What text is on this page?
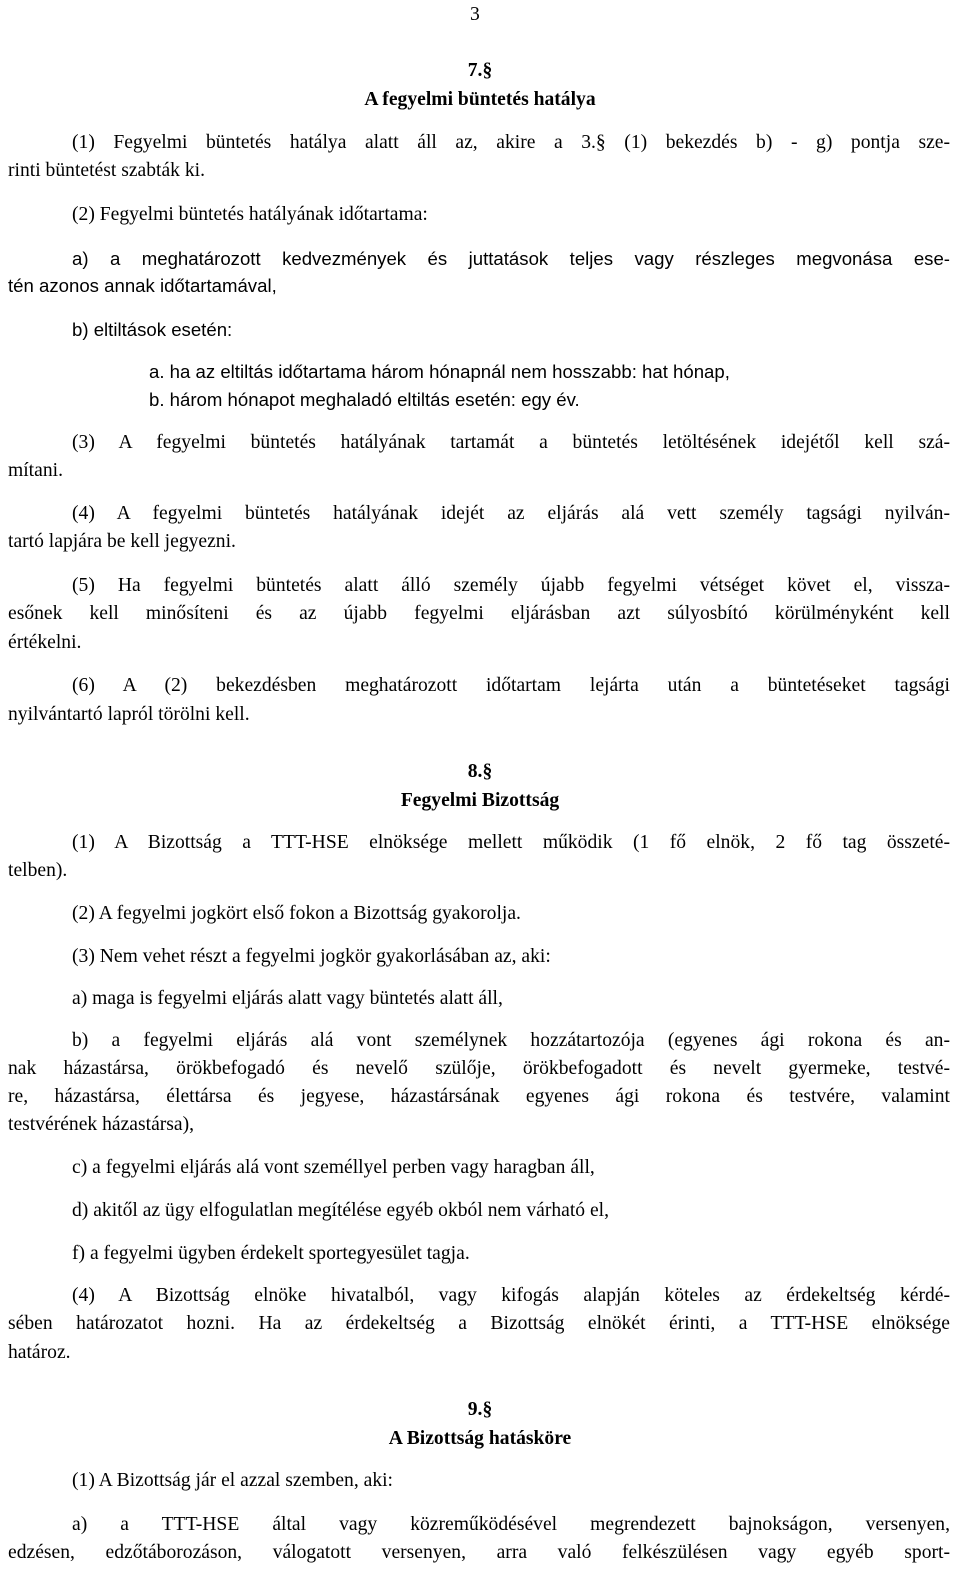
3

7.§

A fegyelmi büntetés hatálya

(1) Fegyelmi büntetés hatálya alatt áll az, akire a 3.§ (1) bekezdés b) - g) pontja sze-

rinti büntetést szabták ki.

(2) Fegyelmi büntetés hatályának időtartama:

a) a meghatározott kedvezmények és juttatások teljes vagy részleges megvonása ese-

tén azonos annak időtartamával,

b) eltiltások esetén:

a. ha az eltiltás időtartama három hónapnál nem hosszabb: hat hónap,

b. három hónapot meghaladó eltiltás esetén: egy év.

(3) A fegyelmi büntetés hatályának tartamát a büntetés letöltésének idejétől kell szá-

mítani.

(4) A fegyelmi büntetés hatályának idejét az eljárás alá vett személy tagsági nyilván-

tartó lapjára be kell jegyezni.

(5) Ha fegyelmi büntetés alatt álló személy újabb fegyelmi vétséget követ el, vissza-

esőnek kell minősíteni és az újabb fegyelmi eljárásban azt súlyosbító körülményként kell

értékelni.

(6) A (2) bekezdésben meghatározott időtartam lejárta után a büntetéseket tagsági

nyilvántartó lapról törölni kell.

8.§

Fegyelmi Bizottság

(1) A Bizottság a TTT-HSE elnöksége mellett működik (1 fő elnök, 2 fő tag összeté-

telben).

(2) A fegyelmi jogkört első fokon a Bizottság gyakorolja.

(3) Nem vehet részt a fegyelmi jogkör gyakorlásában az, aki:

a) maga is fegyelmi eljárás alatt vagy büntetés alatt áll,

b) a fegyelmi eljárás alá vont személynek hozzátartozója (egyenes ági rokona és an-

nak házastársa, örökbefogadó és nevelő szülője, örökbefogadott és nevelt gyermeke, testvé-

re, házastársa, élettársa és jegyese, házastársának egyenes ági rokona és testvére, valamint

testvérének házastársa),

c) a fegyelmi eljárás alá vont személlyel perben vagy haragban áll,

d) akitől az ügy elfogulatlan megítélése egyéb okból nem várható el,

f) a fegyelmi ügyben érdekelt sportegyesület tagja.

(4) A Bizottság elnöke hivatalból, vagy kifogás alapján köteles az érdekeltség kérdé-

sében határozatot hozni. Ha az érdekeltség a Bizottság elnökét érinti, a TTT-HSE elnöksége

határoz.

9.§

A Bizottság hatásköre

(1) A Bizottság jár el azzal szemben, aki:

a) a TTT-HSE által vagy közreműködésével megrendezett bajnokságon, versenyen,

edzésen, edzőtáborozáson, válogatott versenyen, arra való felkészülésen vagy egyéb sport-
